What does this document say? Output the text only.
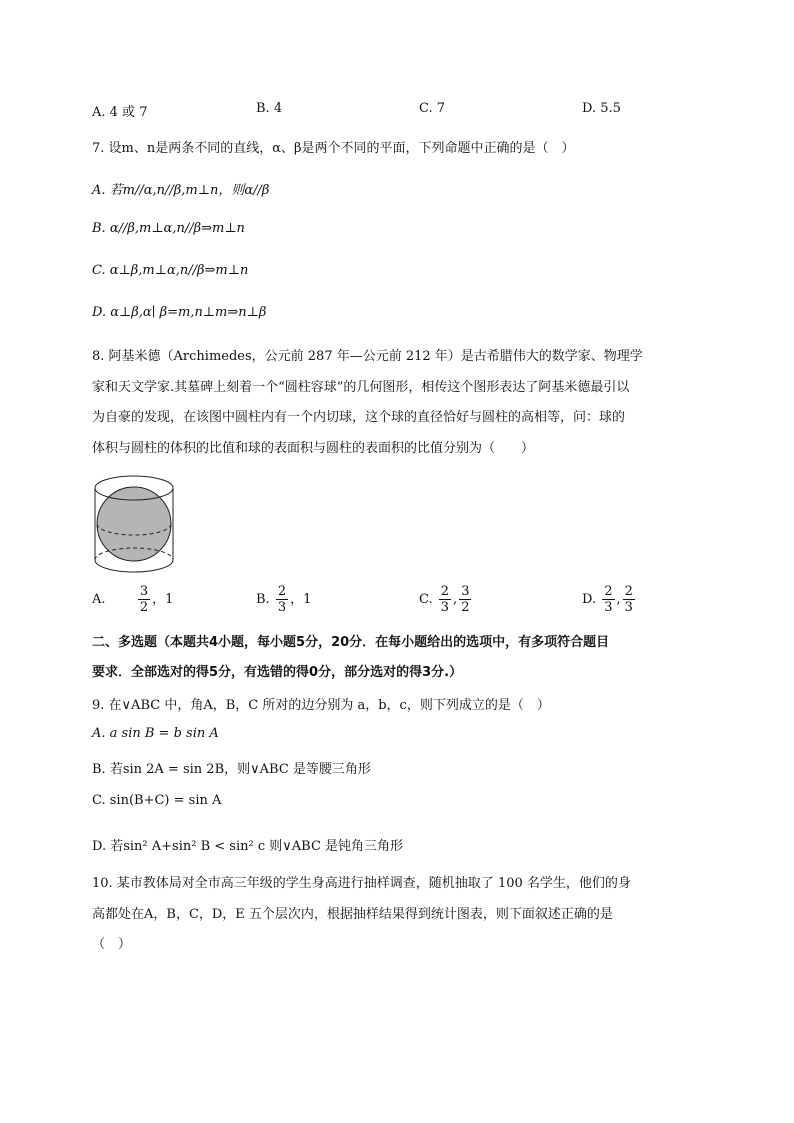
A. 4 或 7	B. 4	C. 7	D. 5.5
7. 设m、n是两条不同的直线，α、β是两个不同的平面，下列命题中正确的是（　）
A. 若m//α,n//β,m⊥n，则α//β
B. α//β,m⊥α,n//β⇒m⊥n
C. α⊥β,m⊥α,n//β⇒m⊥n
D. α⊥β,α∣ β=m,n⊥m⇒n⊥β
8. 阿基米德（Archimedes，公元前 287 年—公元前 212 年）是古希腊伟大的数学家、物理学
家和天文学家.其墓碑上刻着一个“圆柱容球”的几何图形，相传这个图形表达了阿基米德最引以
为自豪的发现，在该图中圆柱内有一个内切球，这个球的直径恰好与圆柱的高相等，问：球的
体积与圆柱的体积的比值和球的表面积与圆柱的表面积的比值分别为（　　）
A. $\frac{3}{2}$ ，1	B. $\frac{2}{3}$ ，1	C. $\frac{2}{3}$ , $\frac{3}{2}$	D. $\frac{2}{3}$ , $\frac{2}{3}$
二、多选题（本题共4小题，每小题5分，20分．在每小题给出的选项中，有多项符合题目
要求．全部选对的得5分，有选错的得0分，部分选对的得3分.）
9. 在∨ABC 中，角A，B，C 所对的边分别为 a，b，c，则下列成立的是（　）
A. a sin B = b sin A
B. 若sin 2A = sin 2B，则∨ABC 是等腰三角形
C. sin(B+C) = sin A
D. 若sin² A+sin² B < sin² c 则∨ABC 是钝角三角形
10. 某市教体局对全市高三年级的学生身高进行抽样调查，随机抽取了 100 名学生，他们的身
高都处在A，B，C，D，E 五个层次内，根据抽样结果得到统计图表，则下面叙述正确的是
（　）
